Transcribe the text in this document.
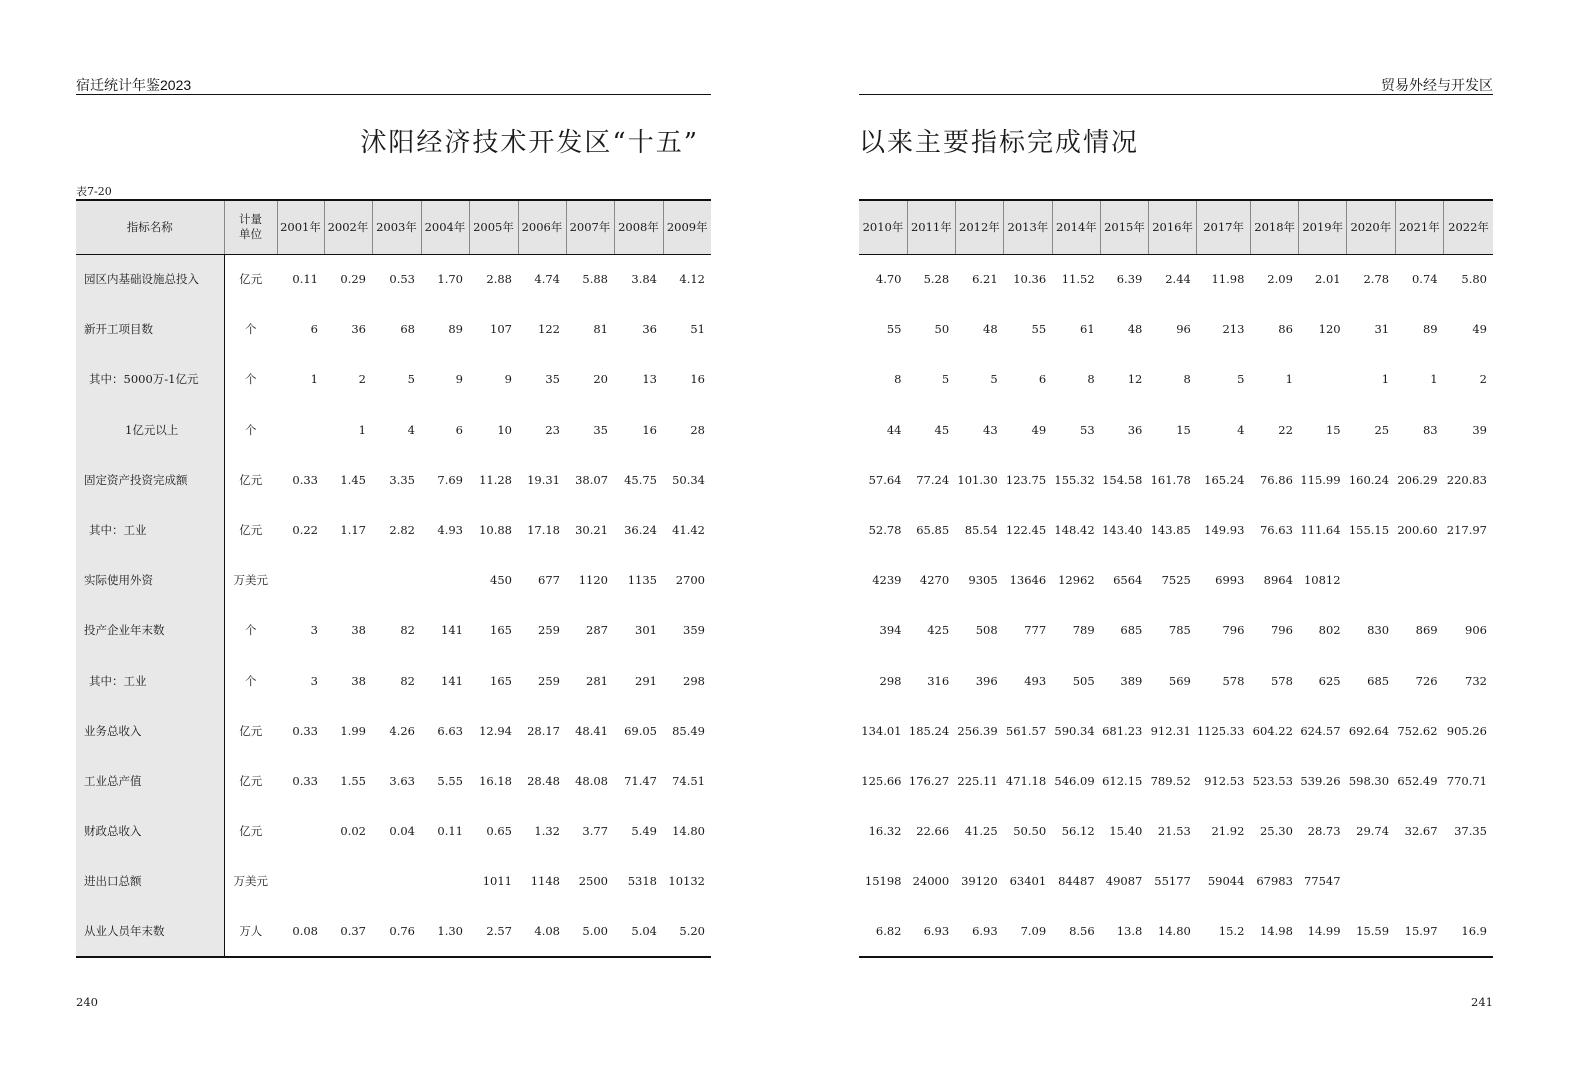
宿迁统计年鉴2023
沭阳经济技术开发区“十五”
表7-20
指标名称	计量单位	2001年	2002年	2003年	2004年	2005年	2006年	2007年	2008年	2009年
园区内基础设施总投入	亿元	0.11	0.29	0.53	1.70	2.88	4.74	5.88	3.84	4.12
新开工项目数	个	6	36	68	89	107	122	81	36	51
其中：5000万-1亿元	个	1	2	5	9	9	35	20	13	16
1亿元以上	个		1	4	6	10	23	35	16	28
固定资产投资完成额	亿元	0.33	1.45	3.35	7.69	11.28	19.31	38.07	45.75	50.34
其中：工业	亿元	0.22	1.17	2.82	4.93	10.88	17.18	30.21	36.24	41.42
实际使用外资	万美元					450	677	1120	1135	2700
投产企业年末数	个	3	38	82	141	165	259	287	301	359
其中：工业	个	3	38	82	141	165	259	281	291	298
业务总收入	亿元	0.33	1.99	4.26	6.63	12.94	28.17	48.41	69.05	85.49
工业总产值	亿元	0.33	1.55	3.63	5.55	16.18	28.48	48.08	71.47	74.51
财政总收入	亿元		0.02	0.04	0.11	0.65	1.32	3.77	5.49	14.80
进出口总额	万美元					1011	1148	2500	5318	10132
从业人员年末数	万人	0.08	0.37	0.76	1.30	2.57	4.08	5.00	5.04	5.20
240
贸易外经与开发区
以来主要指标完成情况
2010年	2011年	2012年	2013年	2014年	2015年	2016年	2017年	2018年	2019年	2020年	2021年	2022年
4.70	5.28	6.21	10.36	11.52	6.39	2.44	11.98	2.09	2.01	2.78	0.74	5.80
55	50	48	55	61	48	96	213	86	120	31	89	49
8	5	5	6	8	12	8	5	1		1	1	2
44	45	43	49	53	36	15	4	22	15	25	83	39
57.64	77.24	101.30	123.75	155.32	154.58	161.78	165.24	76.86	115.99	160.24	206.29	220.83
52.78	65.85	85.54	122.45	148.42	143.40	143.85	149.93	76.63	111.64	155.15	200.60	217.97
4239	4270	9305	13646	12962	6564	7525	6993	8964	10812			
394	425	508	777	789	685	785	796	796	802	830	869	906
298	316	396	493	505	389	569	578	578	625	685	726	732
134.01	185.24	256.39	561.57	590.34	681.23	912.31	1125.33	604.22	624.57	692.64	752.62	905.26
125.66	176.27	225.11	471.18	546.09	612.15	789.52	912.53	523.53	539.26	598.30	652.49	770.71
16.32	22.66	41.25	50.50	56.12	15.40	21.53	21.92	25.30	28.73	29.74	32.67	37.35
15198	24000	39120	63401	84487	49087	55177	59044	67983	77547			
6.82	6.93	6.93	7.09	8.56	13.8	14.80	15.2	14.98	14.99	15.59	15.97	16.9
241
